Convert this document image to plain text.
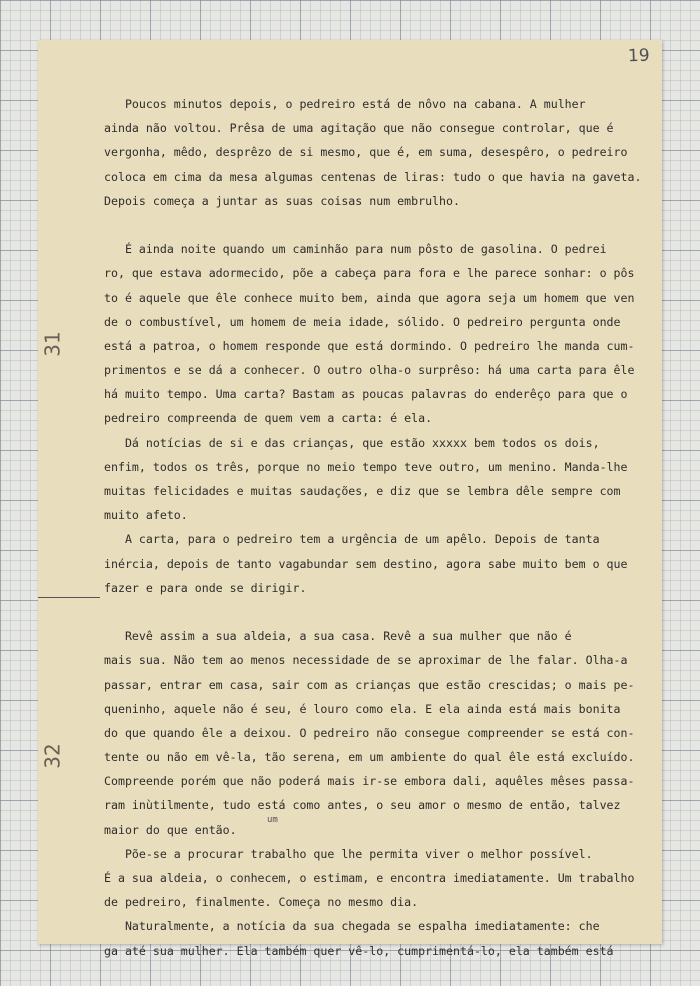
19
31
32
um
Poucos minutos depois, o pedreiro está de nôvo na cabana. A mulher
ainda não voltou. Prêsa de uma agitação que não consegue controlar, que é
vergonha, mêdo, desprêzo de si mesmo, que é, em suma, desespêro, o pedreiro
coloca em cima da mesa algumas centenas de liras: tudo o que havia na gaveta.
Depois começa a juntar as suas coisas num embrulho.
É ainda noite quando um caminhão para num pôsto de gasolina. O pedrei
ro, que estava adormecido, põe a cabeça para fora e lhe parece sonhar: o pôs
to é aquele que êle conhece muito bem, ainda que agora seja um homem que ven
de o combustível, um homem de meia idade, sólido. O pedreiro pergunta onde
está a patroa, o homem responde que está dormindo. O pedreiro lhe manda cum-
primentos e se dá a conhecer. O outro olha-o surprêso: há uma carta para êle
há muito tempo. Uma carta? Bastam as poucas palavras do enderêço para que o
pedreiro compreenda de quem vem a carta: é ela.
Dá notícias de si e das crianças, que estão xxxxx bem todos os dois,
enfim, todos os três, porque no meio tempo teve outro, um menino. Manda-lhe
muitas felicidades e muitas saudações, e diz que se lembra dêle sempre com
muito afeto.
A carta, para o pedreiro tem a urgência de um apêlo. Depois de tanta
inércia, depois de tanto vagabundar sem destino, agora sabe muito bem o que
fazer e para onde se dirigir.
Revê assim a sua aldeia, a sua casa. Revê a sua mulher que não é
mais sua. Não tem ao menos necessidade de se aproximar de lhe falar. Olha-a
passar, entrar em casa, sair com as crianças que estão crescidas; o mais pe-
queninho, aquele não é seu, é louro como ela. E ela ainda está mais bonita
do que quando êle a deixou. O pedreiro não consegue compreender se está con-
tente ou não em vê-la, tão serena, em um ambiente do qual êle está excluído.
Compreende porém que não poderá mais ir-se embora dali, aquêles mêses passa-
ram inùtilmente, tudo está como antes, o seu amor o mesmo de então, talvez
maior do que então.
Põe-se a procurar trabalho que lhe permita viver o melhor possível.
É a sua aldeia, o conhecem, o estimam, e encontra imediatamente. Um trabalho
de pedreiro, finalmente. Começa no mesmo dia.
Naturalmente, a notícia da sua chegada se espalha imediatamente: che
ga até sua mulher. Ela também quer vê-lo, cumprimentá-lo, ela também está
